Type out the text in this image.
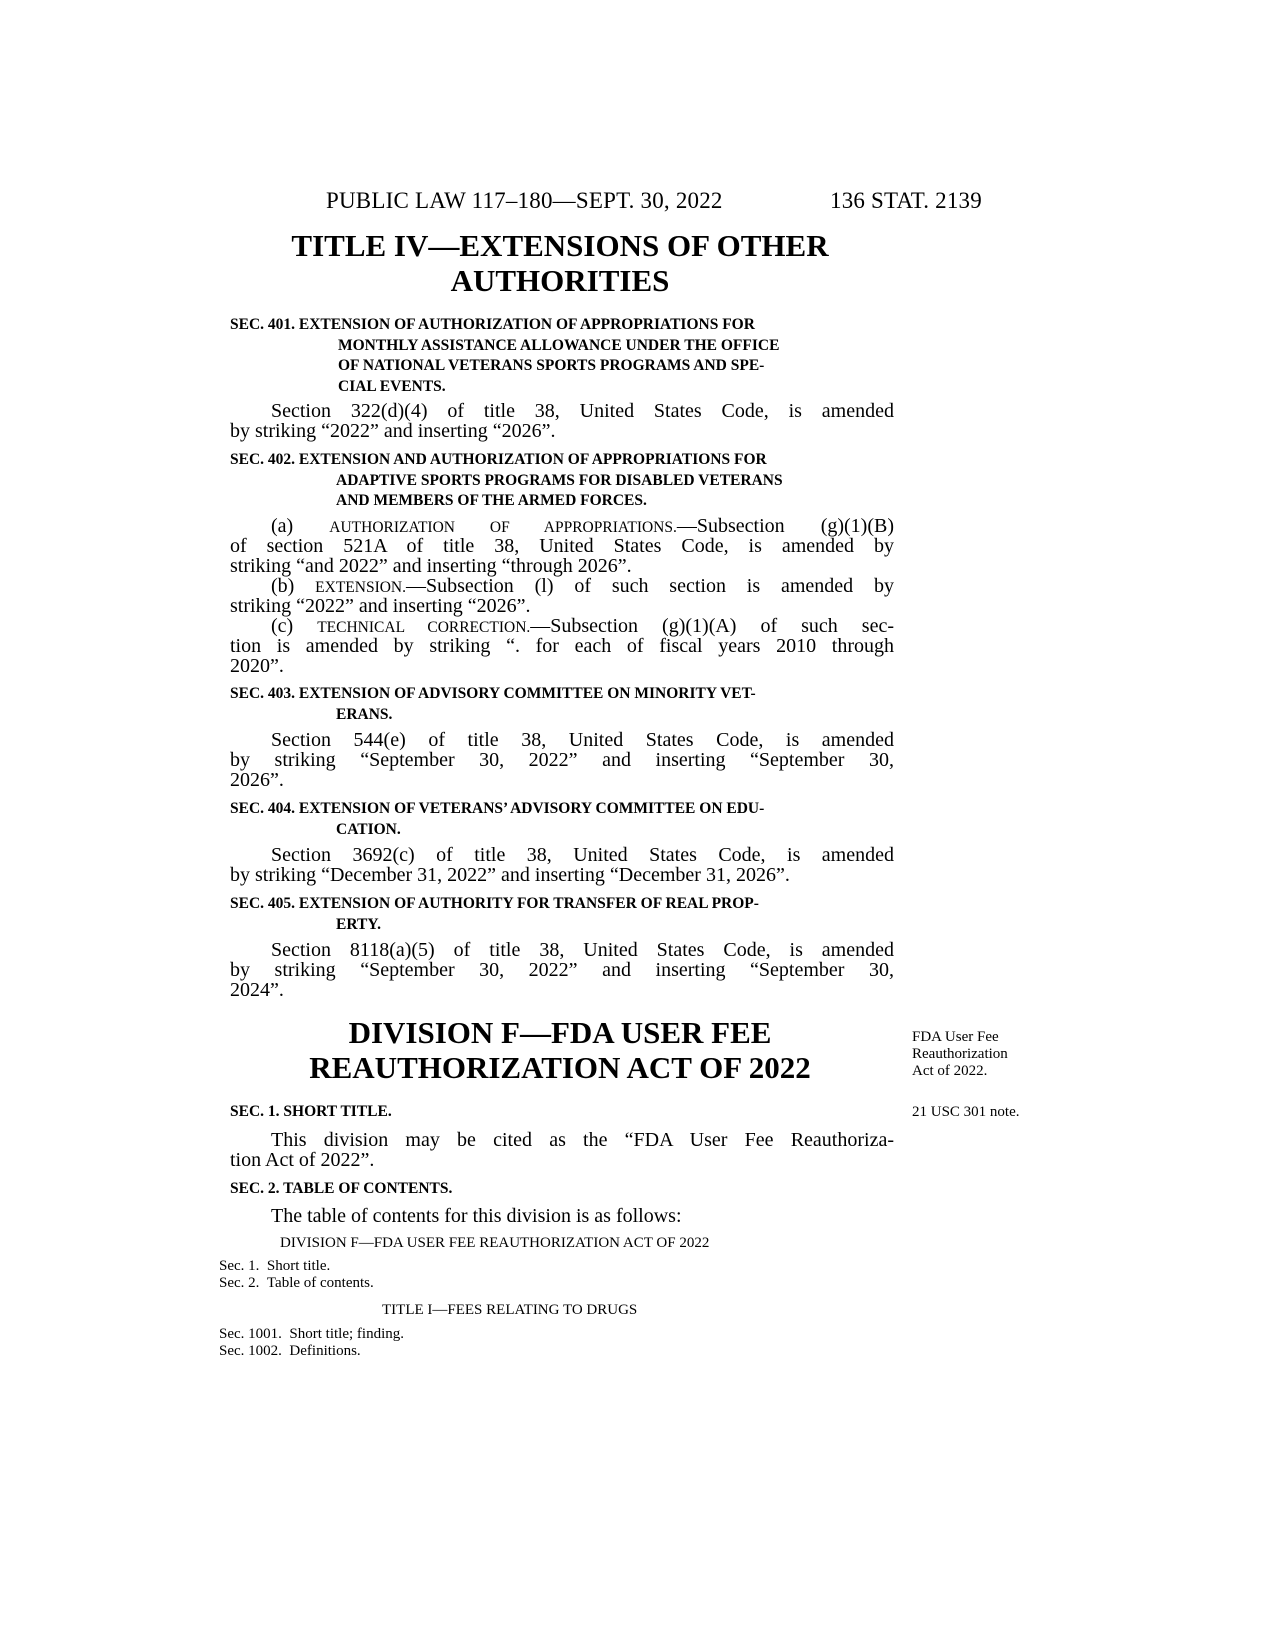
PUBLIC LAW 117–180—SEPT. 30, 2022	136 STAT. 2139
TITLE IV—EXTENSIONS OF OTHER
AUTHORITIES
SEC. 401. EXTENSION OF AUTHORIZATION OF APPROPRIATIONS FOR
MONTHLY ASSISTANCE ALLOWANCE UNDER THE OFFICE
OF NATIONAL VETERANS SPORTS PROGRAMS AND SPE-
CIAL EVENTS.
Section 322(d)(4) of title 38, United States Code, is amended
by striking “2022” and inserting “2026”.
SEC. 402. EXTENSION AND AUTHORIZATION OF APPROPRIATIONS FOR
ADAPTIVE SPORTS PROGRAMS FOR DISABLED VETERANS
AND MEMBERS OF THE ARMED FORCES.
(a) AUTHORIZATION OF APPROPRIATIONS.—Subsection (g)(1)(B)
of section 521A of title 38, United States Code, is amended by
striking “and 2022” and inserting “through 2026”.
(b) EXTENSION.—Subsection (l) of such section is amended by
striking “2022” and inserting “2026”.
(c) TECHNICAL CORRECTION.—Subsection (g)(1)(A) of such sec-
tion is amended by striking “. for each of fiscal years 2010 through
2020”.
SEC. 403. EXTENSION OF ADVISORY COMMITTEE ON MINORITY VET-
ERANS.
Section 544(e) of title 38, United States Code, is amended
by striking “September 30, 2022” and inserting “September 30,
2026”.
SEC. 404. EXTENSION OF VETERANS’ ADVISORY COMMITTEE ON EDU-
CATION.
Section 3692(c) of title 38, United States Code, is amended
by striking “December 31, 2022” and inserting “December 31, 2026”.
SEC. 405. EXTENSION OF AUTHORITY FOR TRANSFER OF REAL PROP-
ERTY.
Section 8118(a)(5) of title 38, United States Code, is amended
by striking “September 30, 2022” and inserting “September 30,
2024”.
DIVISION F—FDA USER FEE
REAUTHORIZATION ACT OF 2022
FDA User Fee
Reauthorization
Act of 2022.
21 USC 301 note.
SEC. 1. SHORT TITLE.
This division may be cited as the “FDA User Fee Reauthoriza-
tion Act of 2022”.
SEC. 2. TABLE OF CONTENTS.
The table of contents for this division is as follows:
DIVISION F—FDA USER FEE REAUTHORIZATION ACT OF 2022
Sec. 1. Short title.
Sec. 2. Table of contents.
TITLE I—FEES RELATING TO DRUGS
Sec. 1001. Short title; finding.
Sec. 1002. Definitions.
